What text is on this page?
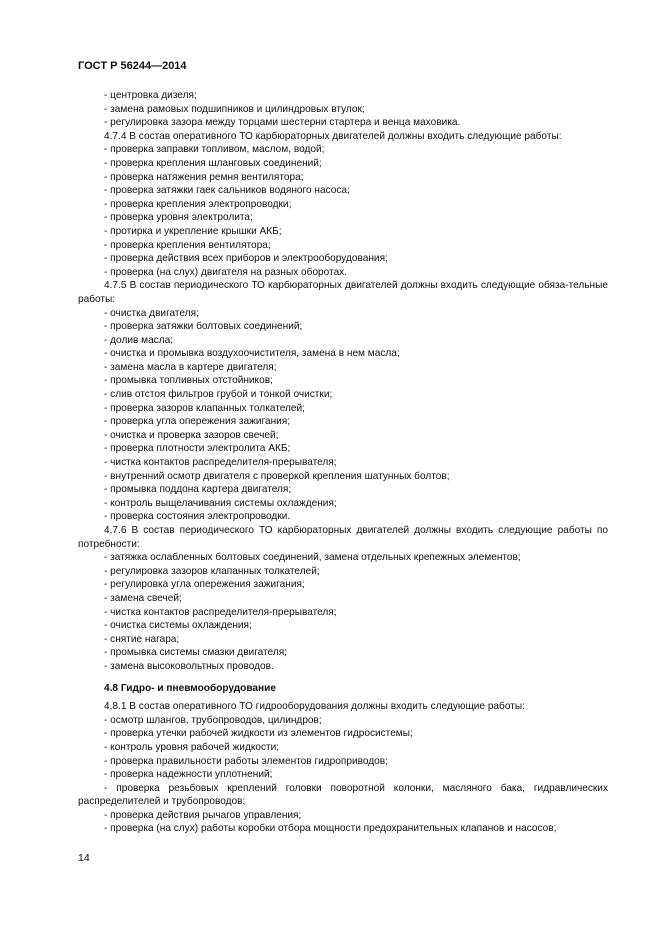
ГОСТ Р 56244—2014
- центровка дизеля;
- замена рамовых подшипников и цилиндровых втулок;
- регулировка зазора между торцами шестерни стартера и венца маховика.
4.7.4 В состав оперативного ТО карбюраторных двигателей должны входить следующие работы:
- проверка заправки топливом, маслом, водой;
- проверка крепления шланговых соединений;
- проверка натяжения ремня вентилятора;
- проверка затяжки гаек сальников водяного насоса;
- проверка крепления электропроводки;
- проверка уровня электролита;
- протирка и укрепление крышки АКБ;
- проверка крепления вентилятора;
- проверка действия всех приборов и электрооборудования;
- проверка (на слух) двигателя на разных оборотах.
4.7.5 В состав периодического ТО карбюраторных двигателей должны входить следующие обяза-тельные работы:
- очистка двигателя;
- проверка затяжки болтовых соединений;
- долив масла;
- очистка и промывка воздухоочистителя, замена в нем масла;
- замена масла в картере двигателя;
- промывка топливных отстойников;
- слив отстоя фильтров грубой и тонкой очистки;
- проверка зазоров клапанных толкателей;
- проверка угла опережения зажигания;
- очистка и проверка зазоров свечей;
- проверка плотности электролита АКБ;
- чистка контактов распределителя-прерывателя;
- внутренний осмотр двигателя с проверкой крепления шатунных болтов;
- промывка поддона картера двигателя;
- контроль выщелачивания системы охлаждения;
- проверка состояния электропроводки.
4.7.6 В состав периодического ТО карбюраторных двигателей должны входить следующие работы по потребности:
- затяжка ослабленных болтовых соединений, замена отдельных крепежных элементов;
- регулировка зазоров клапанных толкателей;
- регулировка угла опережения зажигания;
- замена свечей;
- чистка контактов распределителя-прерывателя;
- очистка системы охлаждения;
- снятие нагара;
- промывка системы смазки двигателя;
- замена высоковольтных проводов.
4.8 Гидро- и пневмооборудование
4.8.1 В состав оперативного ТО гидрооборудования должны входить следующие работы:
- осмотр шлангов, трубопроводов, цилиндров;
- проверка утечки рабочей жидкости из элементов гидросистемы;
- контроль уровня рабочей жидкости;
- проверка правильности работы элементов гидроприводов;
- проверка надежности уплотнений;
- проверка резьбовых креплений головки поворотной колонки, масляного бака, гидравлических распределителей и трубопроводов;
- проверка действия рычагов управления;
- проверка (на слух) работы коробки отбора мощности предохранительных клапанов и насосов;
14
